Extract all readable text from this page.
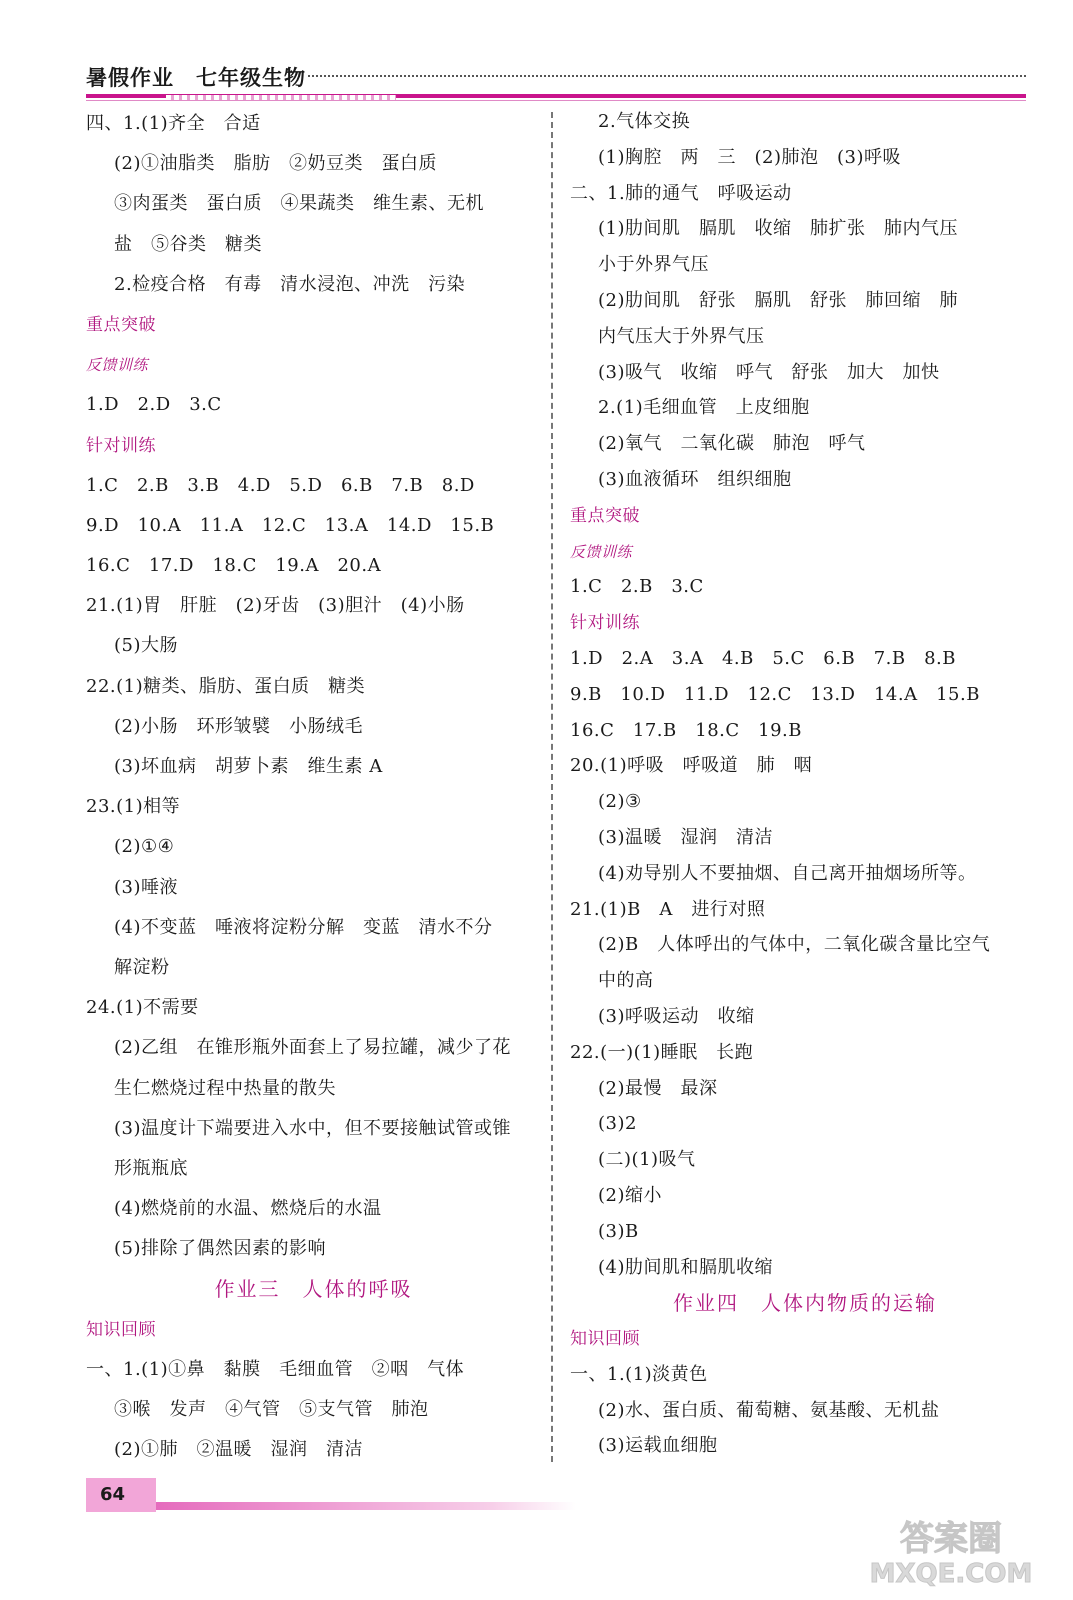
暑假作业　七年级生物
四、1.(1)齐全　合适
(2)①油脂类　脂肪　②奶豆类　蛋白质
③肉蛋类　蛋白质　④果蔬类　维生素、无机
盐　⑤谷类　糖类
2.检疫合格　有毒　清水浸泡、冲洗　污染
重点突破
反馈训练
1.D　2.D　3.C
针对训练
1.C　2.B　3.B　4.D　5.D　6.B　7.B　8.D
9.D　10.A　11.A　12.C　13.A　14.D　15.B
16.C　17.D　18.C　19.A　20.A
21.(1)胃　肝脏　(2)牙齿　(3)胆汁　(4)小肠
(5)大肠
22.(1)糖类、脂肪、蛋白质　糖类
(2)小肠　环形皱襞　小肠绒毛
(3)坏血病　胡萝卜素　维生素 A
23.(1)相等
(2)①④
(3)唾液
(4)不变蓝　唾液将淀粉分解　变蓝　清水不分
解淀粉
24.(1)不需要
(2)乙组　在锥形瓶外面套上了易拉罐，减少了花
生仁燃烧过程中热量的散失
(3)温度计下端要进入水中，但不要接触试管或锥
形瓶瓶底
(4)燃烧前的水温、燃烧后的水温
(5)排除了偶然因素的影响
作业三　人体的呼吸
知识回顾
一、1.(1)①鼻　黏膜　毛细血管　②咽　气体
③喉　发声　④气管　⑤支气管　肺泡
(2)①肺　②温暖　湿润　清洁
2.气体交换
(1)胸腔　两　三　(2)肺泡　(3)呼吸
二、1.肺的通气　呼吸运动
(1)肋间肌　膈肌　收缩　肺扩张　肺内气压
小于外界气压
(2)肋间肌　舒张　膈肌　舒张　肺回缩　肺
内气压大于外界气压
(3)吸气　收缩　呼气　舒张　加大　加快
2.(1)毛细血管　上皮细胞
(2)氧气　二氧化碳　肺泡　呼气
(3)血液循环　组织细胞
重点突破
反馈训练
1.C　2.B　3.C
针对训练
1.D　2.A　3.A　4.B　5.C　6.B　7.B　8.B
9.B　10.D　11.D　12.C　13.D　14.A　15.B
16.C　17.B　18.C　19.B
20.(1)呼吸　呼吸道　肺　咽
(2)③
(3)温暖　湿润　清洁
(4)劝导别人不要抽烟、自己离开抽烟场所等。
21.(1)B　A　进行对照
(2)B　人体呼出的气体中，二氧化碳含量比空气
中的高
(3)呼吸运动　收缩
22.(一)(1)睡眠　长跑
(2)最慢　最深
(3)2
(二)(1)吸气
(2)缩小
(3)B
(4)肋间肌和膈肌收缩
作业四　人体内物质的运输
知识回顾
一、1.(1)淡黄色
(2)水、蛋白质、葡萄糖、氨基酸、无机盐
(3)运载血细胞
64
答案圈
MXQE.COM
